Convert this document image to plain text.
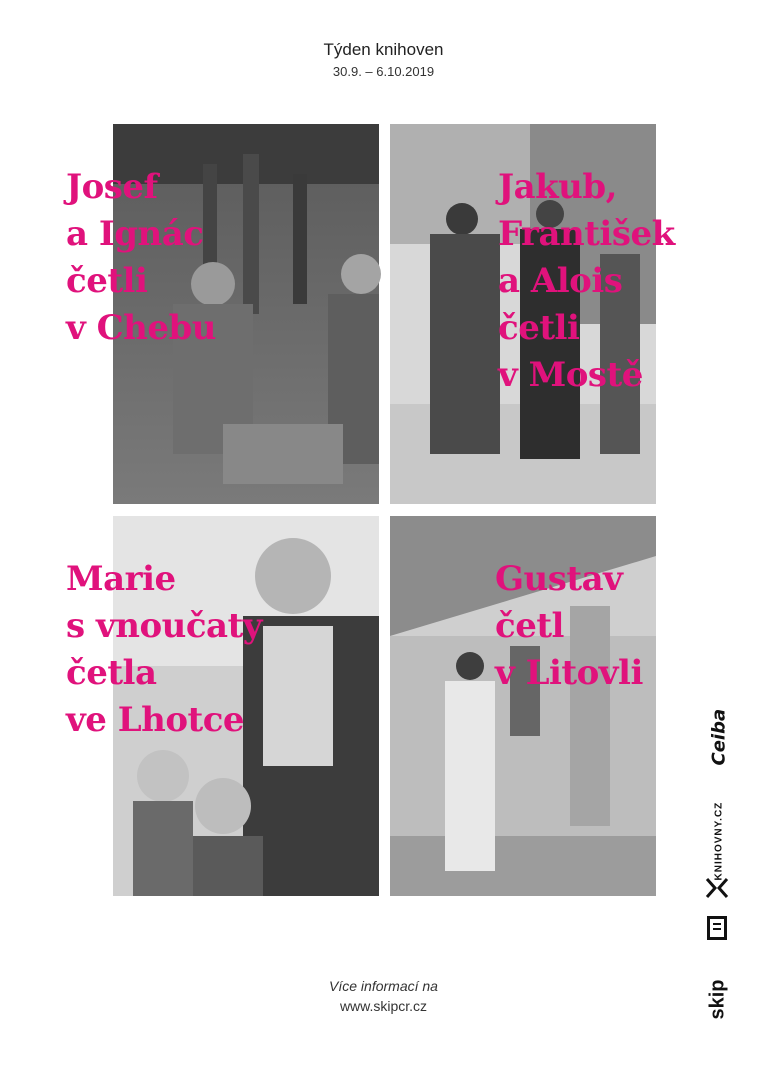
Týden knihoven
30.9. – 6.10.2019

Josef
a Ignác
četli
v Chebu

Jakub,
František
a Alois
četli
v Mostě

Marie
s vnoučaty
četla
ve Lhotce

Gustav
četl
v Litovli

Více informací na
www.skipcr.cz
Ceiba
KNIHOVNY.CZ
skip
